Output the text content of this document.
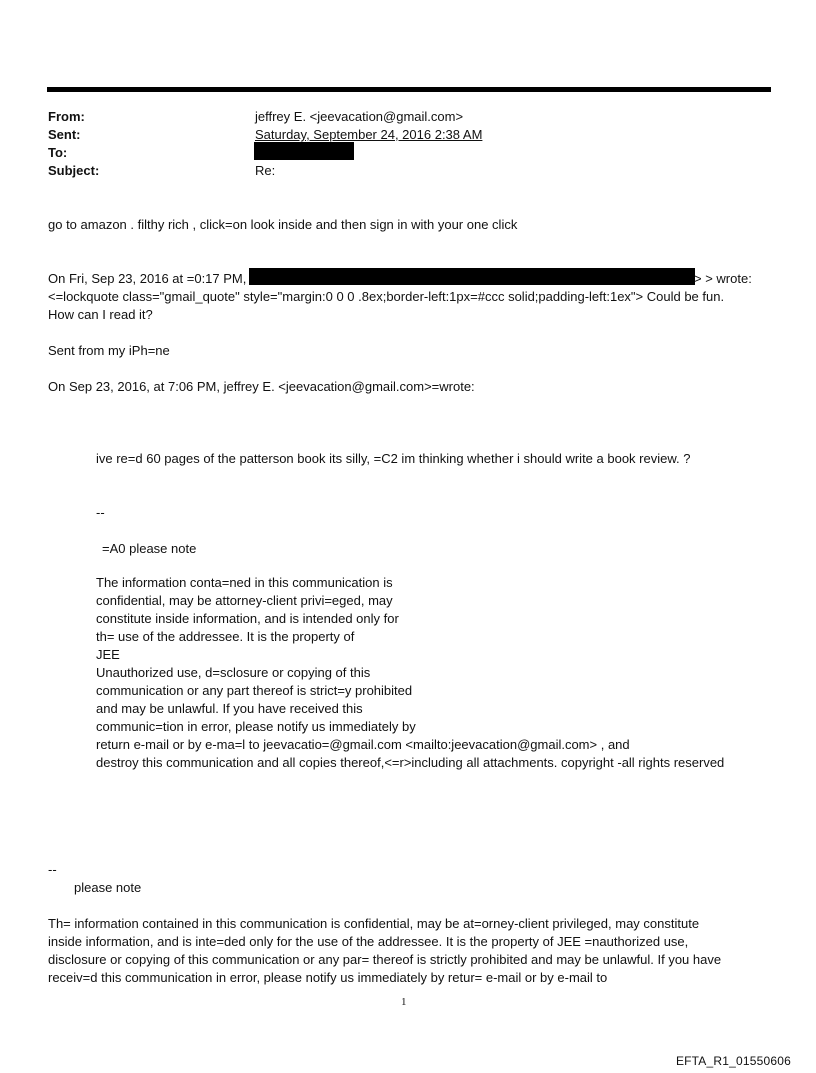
From:	jeffrey E. <jeevacation@gmail.com>
Sent:	Saturday, September 24, 2016 2:38 AM
To:
Subject:	Re:
go to amazon . filthy rich , click=on look inside and then sign in with your one click
On Fri, Sep 23, 2016 at =0:17 PM,	> > wrote:
<=lockquote class="gmail_quote" style="margin:0 0 0 .8ex;border-left:1px=#ccc solid;padding-left:1ex"> Could be fun.
How can I read it?
Sent from my iPh=ne
On Sep 23, 2016, at 7:06 PM, jeffrey E. <jeevacation@gmail.com>=wrote:
ive re=d 60 pages of the patterson book its silly, =C2 im thinking whether i should write a book review. ?
--
=A0 please note
The information conta=ned in this communication is
confidential, may be attorney-client privi=eged, may
constitute inside information, and is intended only for
th= use of the addressee. It is the property of
JEE
Unauthorized use, d=sclosure or copying of this
communication or any part thereof is strict=y prohibited
and may be unlawful. If you have received this
communic=tion in error, please notify us immediately by
return e-mail or by e-ma=l to jeevacatio=@gmail.com <mailto:jeevacation@gmail.com> , and
destroy this communication and all copies thereof,<=r>including all attachments. copyright -all rights reserved
--
please note
Th= information contained in this communication is confidential, may be at=orney-client privileged, may constitute
inside information, and is inte=ded only for the use of the addressee. It is the property of JEE =nauthorized use,
disclosure or copying of this communication or any par= thereof is strictly prohibited and may be unlawful. If you have
receiv=d this communication in error, please notify us immediately by retur= e-mail or by e-mail to
1
EFTA_R1_01550606
